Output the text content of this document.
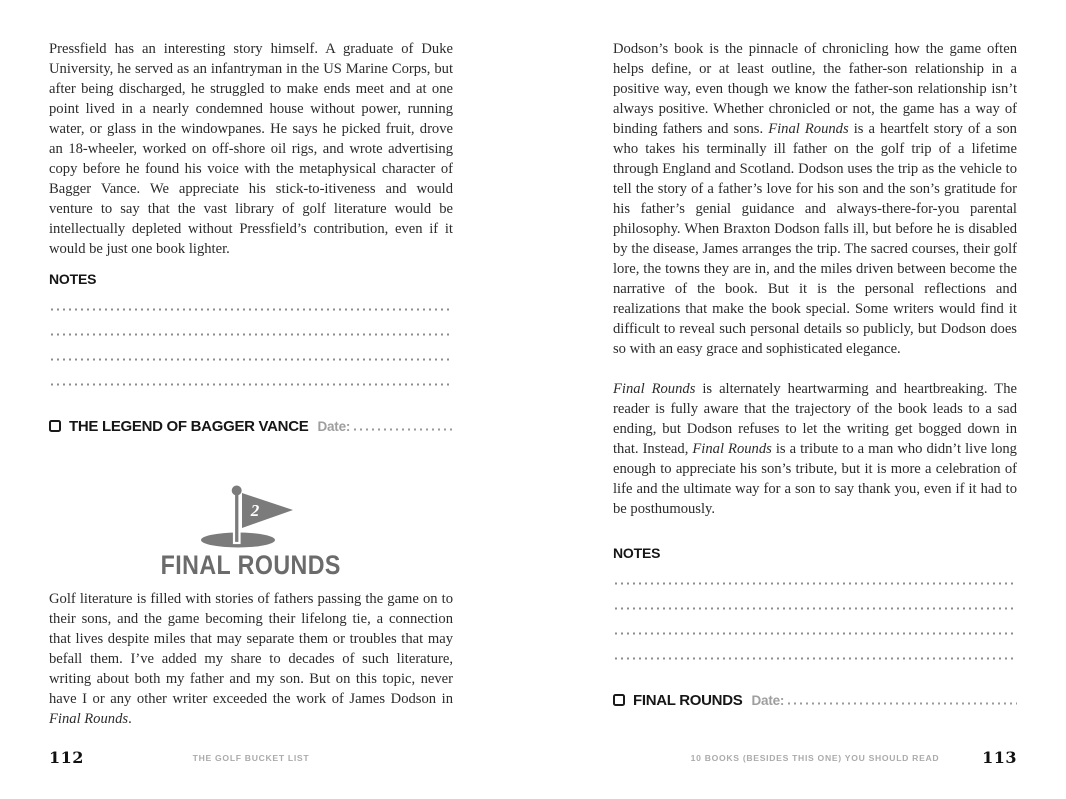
Pressfield has an interesting story himself. A graduate of Duke University, he served as an infantryman in the US Marine Corps, but after being discharged, he struggled to make ends meet and at one point lived in a nearly condemned house without power, running water, or glass in the windowpanes. He says he picked fruit, drove an 18-wheeler, worked on off-shore oil rigs, and wrote advertising copy before he found his voice with the metaphysical character of Bagger Vance. We appreciate his stick-to-itiveness and would venture to say that the vast library of golf literature would be intellectually depleted without Pressfield’s contribution, even if it would be just one book lighter.
NOTES
THE LEGEND OF BAGGER VANCE Date:
2
FINAL ROUNDS
Golf literature is filled with stories of fathers passing the game on to their sons, and the game becoming their lifelong tie, a connection that lives despite miles that may separate them or troubles that may befall them. I’ve added my share to decades of such literature, writing about both my father and my son. But on this topic, never have I or any other writer exceeded the work of James Dodson in Final Rounds.
112	THE GOLF BUCKET LIST
Dodson’s book is the pinnacle of chronicling how the game often helps define, or at least outline, the father-son relationship in a positive way, even though we know the father-son relationship isn’t always positive. Whether chronicled or not, the game has a way of binding fathers and sons. Final Rounds is a heartfelt story of a son who takes his terminally ill father on the golf trip of a lifetime through England and Scotland. Dodson uses the trip as the vehicle to tell the story of a father’s love for his son and the son’s gratitude for his father’s genial guidance and always-there-for-you parental philosophy. When Braxton Dodson falls ill, but before he is disabled by the disease, James arranges the trip. The sacred courses, their golf lore, the towns they are in, and the miles driven between become the narrative of the book. But it is the personal reflections and realizations that make the book special. Some writers would find it difficult to reveal such personal details so publicly, but Dodson does so with an easy grace and sophisticated elegance.
Final Rounds is alternately heartwarming and heartbreaking. The reader is fully aware that the trajectory of the book leads to a sad ending, but Dodson refuses to let the writing get bogged down in that. Instead, Final Rounds is a tribute to a man who didn’t live long enough to appreciate his son’s tribute, but it is more a celebration of life and the ultimate way for a son to say thank you, even if it had to be posthumously.
NOTES
FINAL ROUNDS Date:
10 BOOKS (BESIDES THIS ONE) YOU SHOULD READ	113
